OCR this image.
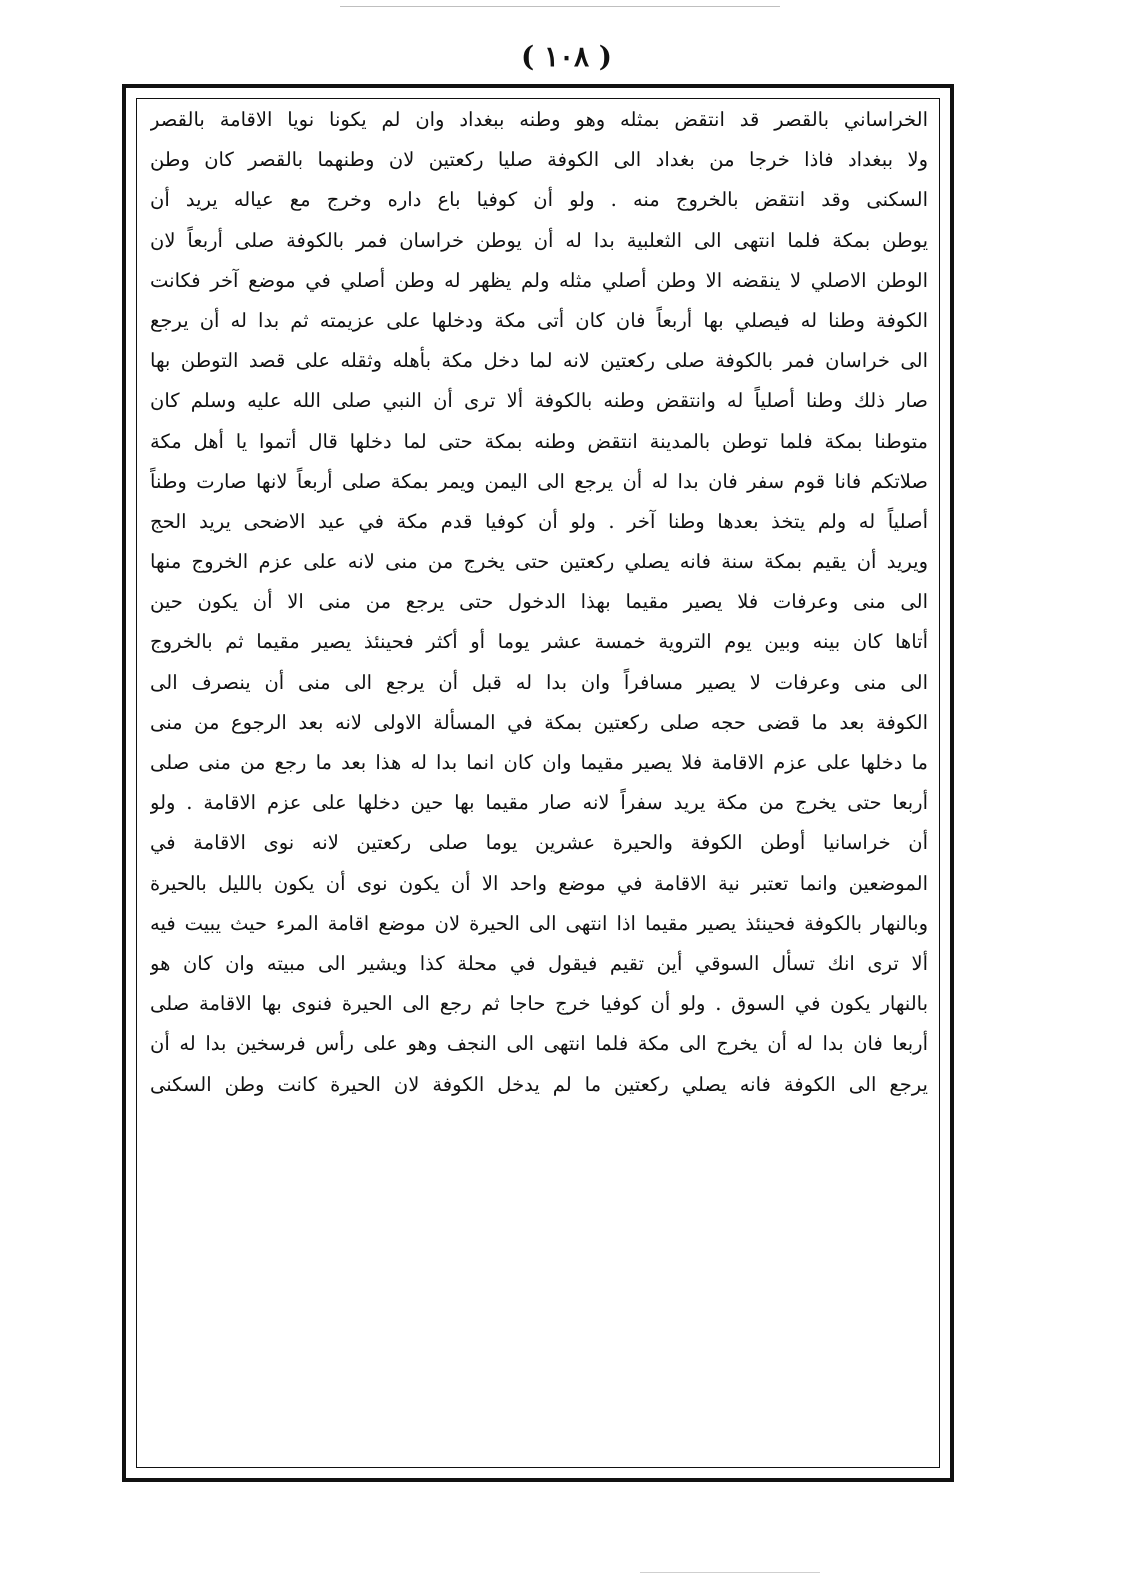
( ١٠٨ )
الخراساني بالقصر قد انتقض بمثله وهو وطنه ببغداد وان لم يكونا نويا الاقامة بالقصر
ولا ببغداد فاذا خرجا من بغداد الى الكوفة صليا ركعتين لان وطنهما بالقصر كان وطن
السكنى وقد انتقض بالخروج منه . ولو أن كوفيا باع داره وخرج مع عياله يريد أن
يوطن بمكة فلما انتهى الى الثعلبية بدا له أن يوطن خراسان فمر بالكوفة صلى أربعاً لان
الوطن الاصلي لا ينقضه الا وطن أصلي مثله ولم يظهر له وطن أصلي في موضع آخر فكانت
الكوفة وطنا له فيصلي بها أربعاً فان كان أتى مكة ودخلها على عزيمته ثم بدا له أن يرجع
الى خراسان فمر بالكوفة صلى ركعتين لانه لما دخل مكة بأهله وثقله على قصد التوطن بها
صار ذلك وطنا أصلياً له وانتقض وطنه بالكوفة ألا ترى أن النبي صلى الله عليه وسلم كان
متوطنا بمكة فلما توطن بالمدينة انتقض وطنه بمكة حتى لما دخلها قال أتموا يا أهل مكة
صلاتكم فانا قوم سفر فان بدا له أن يرجع الى اليمن ويمر بمكة صلى أربعاً لانها صارت وطناً
أصلياً له ولم يتخذ بعدها وطنا آخر . ولو أن كوفيا قدم مكة في عيد الاضحى يريد الحج
ويريد أن يقيم بمكة سنة فانه يصلي ركعتين حتى يخرج من منى لانه على عزم الخروج منها
الى منى وعرفات فلا يصير مقيما بهذا الدخول حتى يرجع من منى الا أن يكون حين
أتاها كان بينه وبين يوم التروية خمسة عشر يوما أو أكثر فحينئذ يصير مقيما ثم بالخروج
الى منى وعرفات لا يصير مسافراً وان بدا له قبل أن يرجع الى منى أن ينصرف الى
الكوفة بعد ما قضى حجه صلى ركعتين بمكة في المسألة الاولى لانه بعد الرجوع من منى
ما دخلها على عزم الاقامة فلا يصير مقيما وان كان انما بدا له هذا بعد ما رجع من منى صلى
أربعا حتى يخرج من مكة يريد سفراً لانه صار مقيما بها حين دخلها على عزم الاقامة . ولو
أن خراسانيا أوطن الكوفة والحيرة عشرين يوما صلى ركعتين لانه نوى الاقامة في
الموضعين وانما تعتبر نية الاقامة في موضع واحد الا أن يكون نوى أن يكون بالليل بالحيرة
وبالنهار بالكوفة فحينئذ يصير مقيما اذا انتهى الى الحيرة لان موضع اقامة المرء حيث يبيت فيه
ألا ترى انك تسأل السوقي أين تقيم فيقول في محلة كذا ويشير الى مبيته وان كان هو
بالنهار يكون في السوق . ولو أن كوفيا خرج حاجا ثم رجع الى الحيرة فنوى بها الاقامة صلى
أربعا فان بدا له أن يخرج الى مكة فلما انتهى الى النجف وهو على رأس فرسخين بدا له أن
يرجع الى الكوفة فانه يصلي ركعتين ما لم يدخل الكوفة لان الحيرة كانت وطن السكنى
